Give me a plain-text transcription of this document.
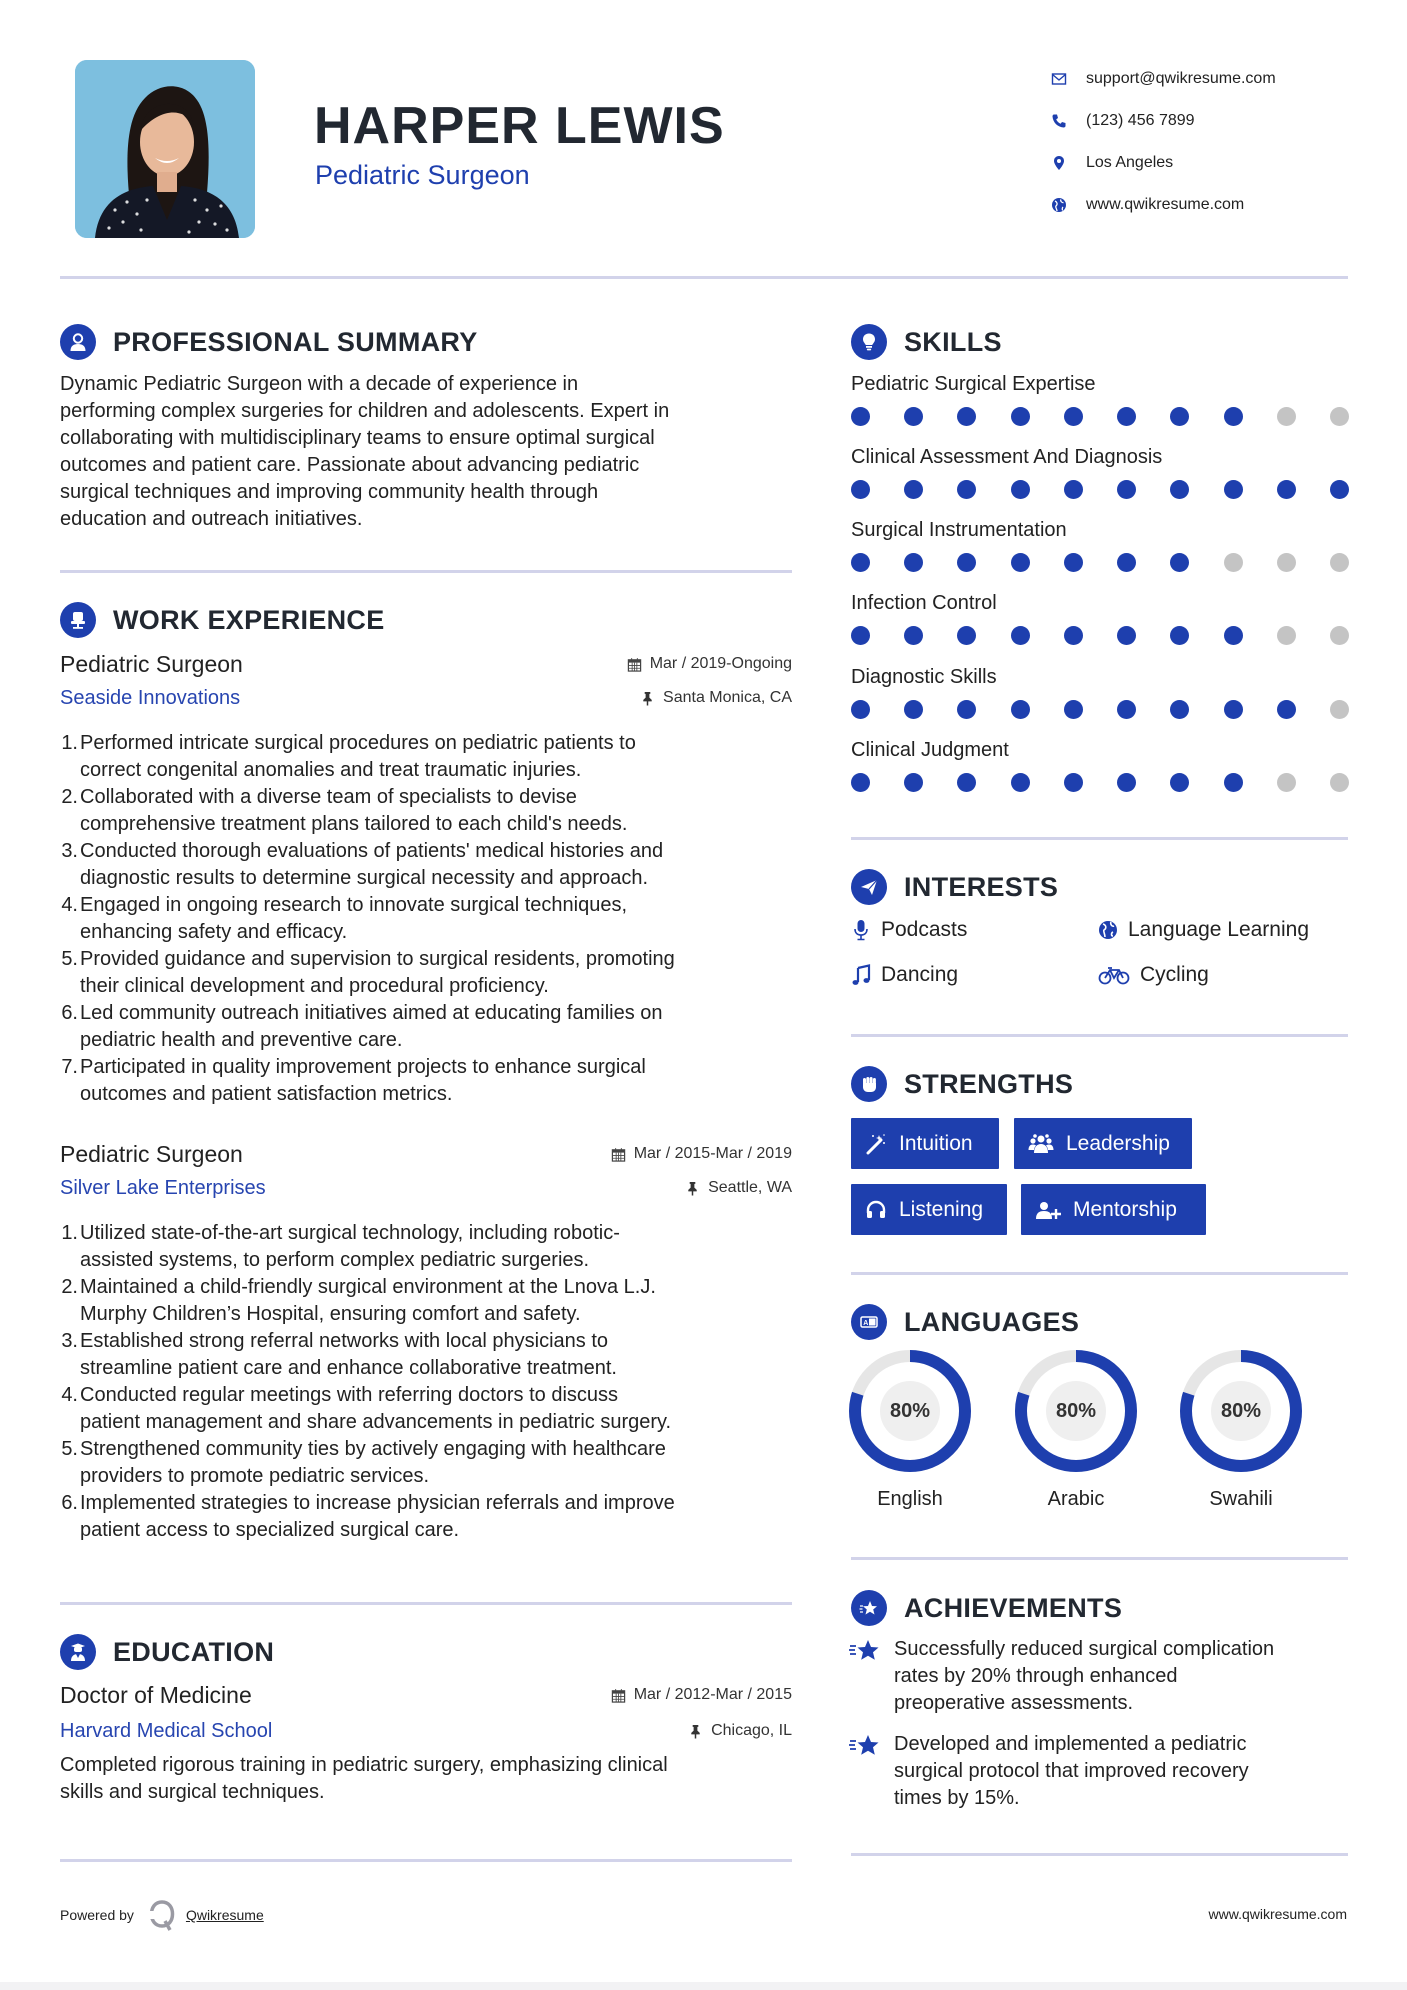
HARPER LEWIS
Pediatric Surgeon
support@qwikresume.com
(123) 456 7899
Los Angeles
www.qwikresume.com
PROFESSIONAL SUMMARY
Dynamic Pediatric Surgeon with a decade of experience in
performing complex surgeries for children and adolescents. Expert in
collaborating with multidisciplinary teams to ensure optimal surgical
outcomes and patient care. Passionate about advancing pediatric
surgical techniques and improving community health through
education and outreach initiatives.
WORK EXPERIENCE
Pediatric Surgeon	Mar / 2019-Ongoing
Seaside Innovations	Santa Monica, CA
1. Performed intricate surgical procedures on pediatric patients to
correct congenital anomalies and treat traumatic injuries.
2. Collaborated with a diverse team of specialists to devise
comprehensive treatment plans tailored to each child's needs.
3. Conducted thorough evaluations of patients' medical histories and
diagnostic results to determine surgical necessity and approach.
4. Engaged in ongoing research to innovate surgical techniques,
enhancing safety and efficacy.
5. Provided guidance and supervision to surgical residents, promoting
their clinical development and procedural proficiency.
6. Led community outreach initiatives aimed at educating families on
pediatric health and preventive care.
7. Participated in quality improvement projects to enhance surgical
outcomes and patient satisfaction metrics.
Pediatric Surgeon	Mar / 2015-Mar / 2019
Silver Lake Enterprises	Seattle, WA
1. Utilized state-of-the-art surgical technology, including robotic-
assisted systems, to perform complex pediatric surgeries.
2. Maintained a child-friendly surgical environment at the Lnova L.J.
Murphy Children’s Hospital, ensuring comfort and safety.
3. Established strong referral networks with local physicians to
streamline patient care and enhance collaborative treatment.
4. Conducted regular meetings with referring doctors to discuss
patient management and share advancements in pediatric surgery.
5. Strengthened community ties by actively engaging with healthcare
providers to promote pediatric services.
6. Implemented strategies to increase physician referrals and improve
patient access to specialized surgical care.
EDUCATION
Doctor of Medicine	Mar / 2012-Mar / 2015
Harvard Medical School	Chicago, IL
Completed rigorous training in pediatric surgery, emphasizing clinical
skills and surgical techniques.
SKILLS
Pediatric Surgical Expertise
Clinical Assessment And Diagnosis
Surgical Instrumentation
Infection Control
Diagnostic Skills
Clinical Judgment
INTERESTS
Podcasts	Language Learning
Dancing	Cycling
STRENGTHS
Intuition	Leadership
Listening	Mentorship
A LANGUAGES
80%
English
80%
Arabic
80%
Swahili
ACHIEVEMENTS
Successfully reduced surgical complication
rates by 20% through enhanced
preoperative assessments.
Developed and implemented a pediatric
surgical protocol that improved recovery
times by 15%.
Powered by	Qwikresume	www.qwikresume.com
